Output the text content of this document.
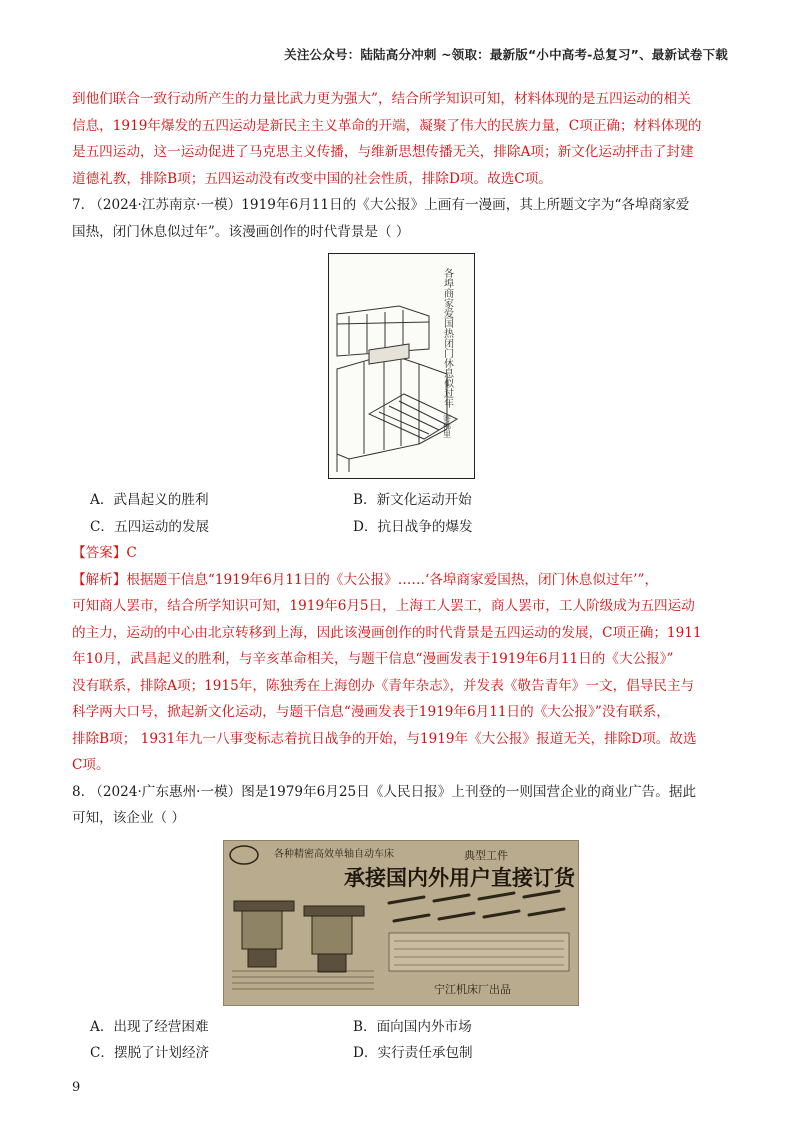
关注公众号：陆陆高分冲刺 ~领取：最新版“小中高考-总复习”、最新试卷下载

到他们联合一致行动所产生的力量比武力更为强大”，结合所学知识可知，材料体现的是五四运动的相关

信息，1919年爆发的五四运动是新民主主义革命的开端，凝聚了伟大的民族力量，C项正确；材料体现的

是五四运动，这一运动促进了马克思主义传播，与维新思想传播无关，排除A项；新文化运动抨击了封建

道德礼教，排除B项；五四运动没有改变中国的社会性质，排除D项。故选C项。

7. （2024·江苏南京·一模）1919年6月11日的《大公报》上画有一漫画，其上所题文字为“各埠商家爱

国热，闭门休息似过年”。该漫画创作的时代背景是（ ）

各埠商家爱国热闭门休息似过年
寄佛里
A．武昌起义的胜利	B．新文化运动开始
C．五四运动的发展	D．抗日战争的爆发

【答案】C

【解析】根据题干信息“1919年6月11日的《大公报》……‘各埠商家爱国热，闭门休息似过年’”，

可知商人罢市，结合所学知识可知，1919年6月5日，上海工人罢工，商人罢市，工人阶级成为五四运动

的主力，运动的中心由北京转移到上海，因此该漫画创作的时代背景是五四运动的发展，C项正确；1911

年10月，武昌起义的胜利，与辛亥革命相关，与题干信息“漫画发表于1919年6月11日的《大公报》”

没有联系，排除A项；1915年，陈独秀在上海创办《青年杂志》，并发表《敬告青年》一文，倡导民主与

科学两大口号，掀起新文化运动，与题干信息“漫画发表于1919年6月11日的《大公报》”没有联系，

排除B项； 1931年九一八事变标志着抗日战争的开始，与1919年《大公报》报道无关，排除D项。故选

C项。

8. （2024·广东惠州·一模）图是1979年6月25日《人民日报》上刊登的一则国营企业的商业广告。据此

可知，该企业（ ）

各种精密高效单轴自动车床	典型工件
承接国内外用户直接订货
宁江机床厂出品
A．出现了经营困难	B．面向国内外市场
C．摆脱了计划经济	D．实行责任承包制
9
